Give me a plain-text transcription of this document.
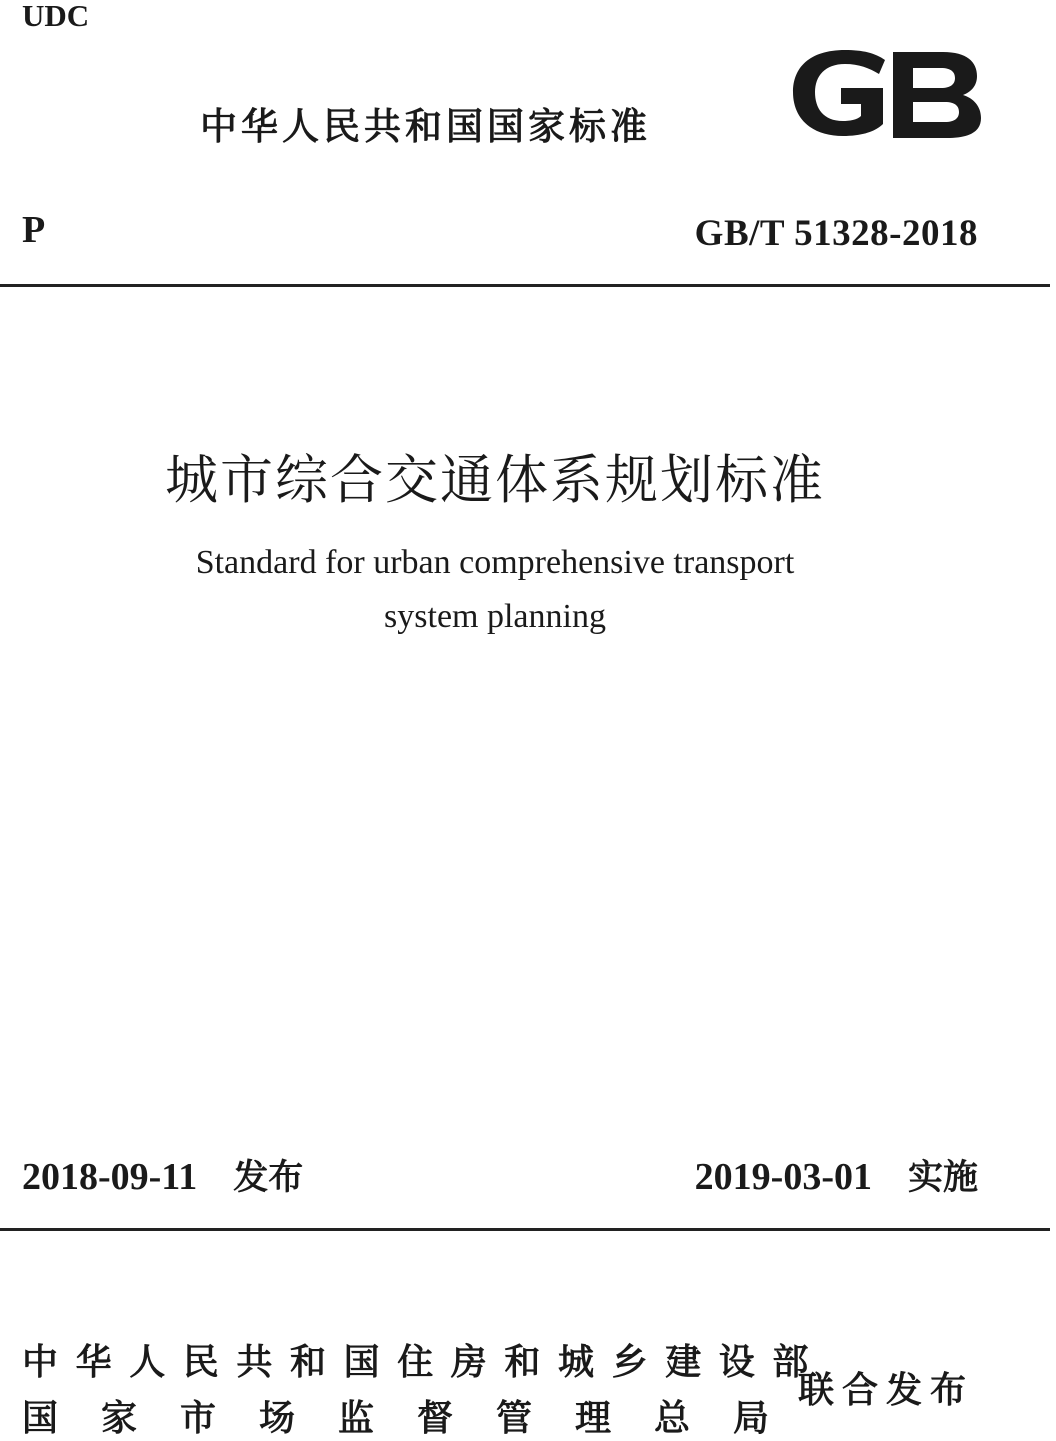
UDC
中华人民共和国国家标准
P	GB/T 51328-2018
城市综合交通体系规划标准
Standard for urban comprehensive transport
system planning
2018-09-11 发布	2019-03-01 实施
中华人民共和国住房和城乡建设部
国家市场监督管理总局
联合发布
